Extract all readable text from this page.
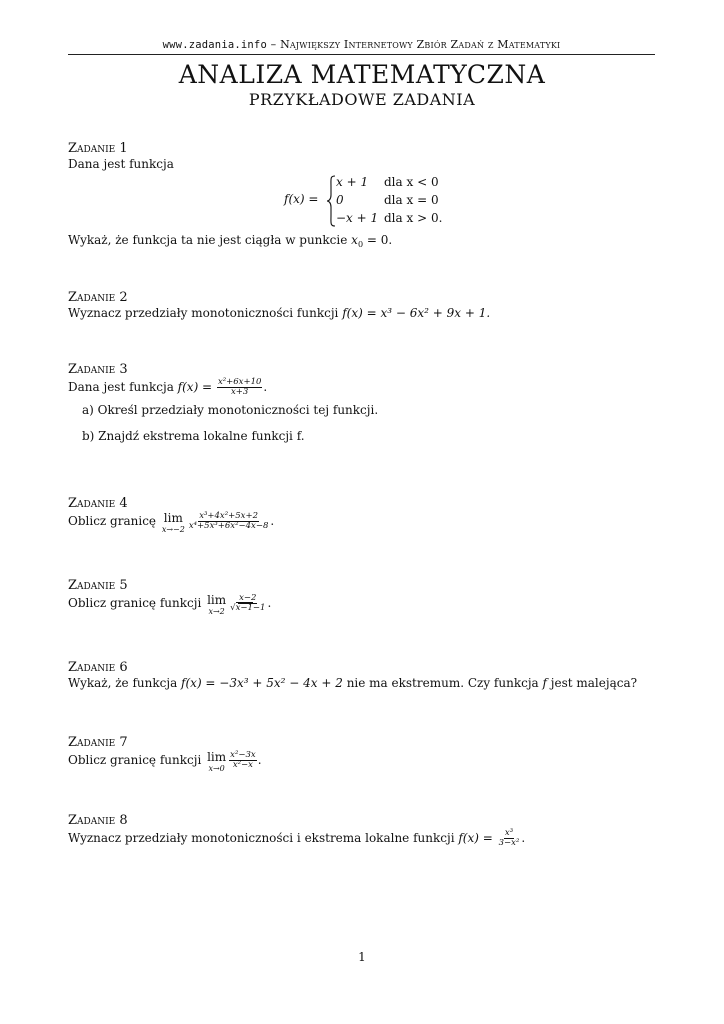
www.zadania.info – Największy Internetowy Zbiór Zadań z Matematyki
ANALIZA MATEMATYCZNA
PRZYKŁADOWE ZADANIA

Zadanie 1

Dana jest funkcja

f(x) =
x + 1 dla x < 0
0	dla x = 0
−x + 1 dla x > 0.

Wykaż, że funkcja ta nie jest ciągła w punkcie $x_0 = 0$.

Zadanie 2

Wyznacz przedziały monotoniczności funkcji f(x) = x³ − 6x² + 9x + 1.

Zadanie 3

Dana jest funkcja $f(x) = \frac{\text{x²+6x+10}}{x+3}$ .

a) Określ przedziały monotoniczności tej funkcji.
b) Znajdź ekstrema lokalne funkcji f.

Zadanie 4

Oblicz granicę lim
$x\to-2 \frac{\text{x³+4x²+5x+2}}{\text{x⁴+5x³+6x²−4x−8}}$ .

Zadanie 5

Oblicz granicę funkcji lim
$x\to 2 \frac{x-2}{√x-1-1}$ .

Zadanie 6

Wykaż, że funkcja f(x) = −3x³ + 5x² − 4x + 2 nie ma ekstremum. Czy funkcja f jest malejąca?

Zadanie 7

Oblicz granicę funkcji lim
$x\to 0 \frac{\text{x²−3x}}{\text{x²−x}}$ .

Zadanie 8

Wyznacz przedziały monotoniczności i ekstrema lokalne funkcji $f(x) = \frac{\text{x³}}{\text{3−x²}}$ .

1
